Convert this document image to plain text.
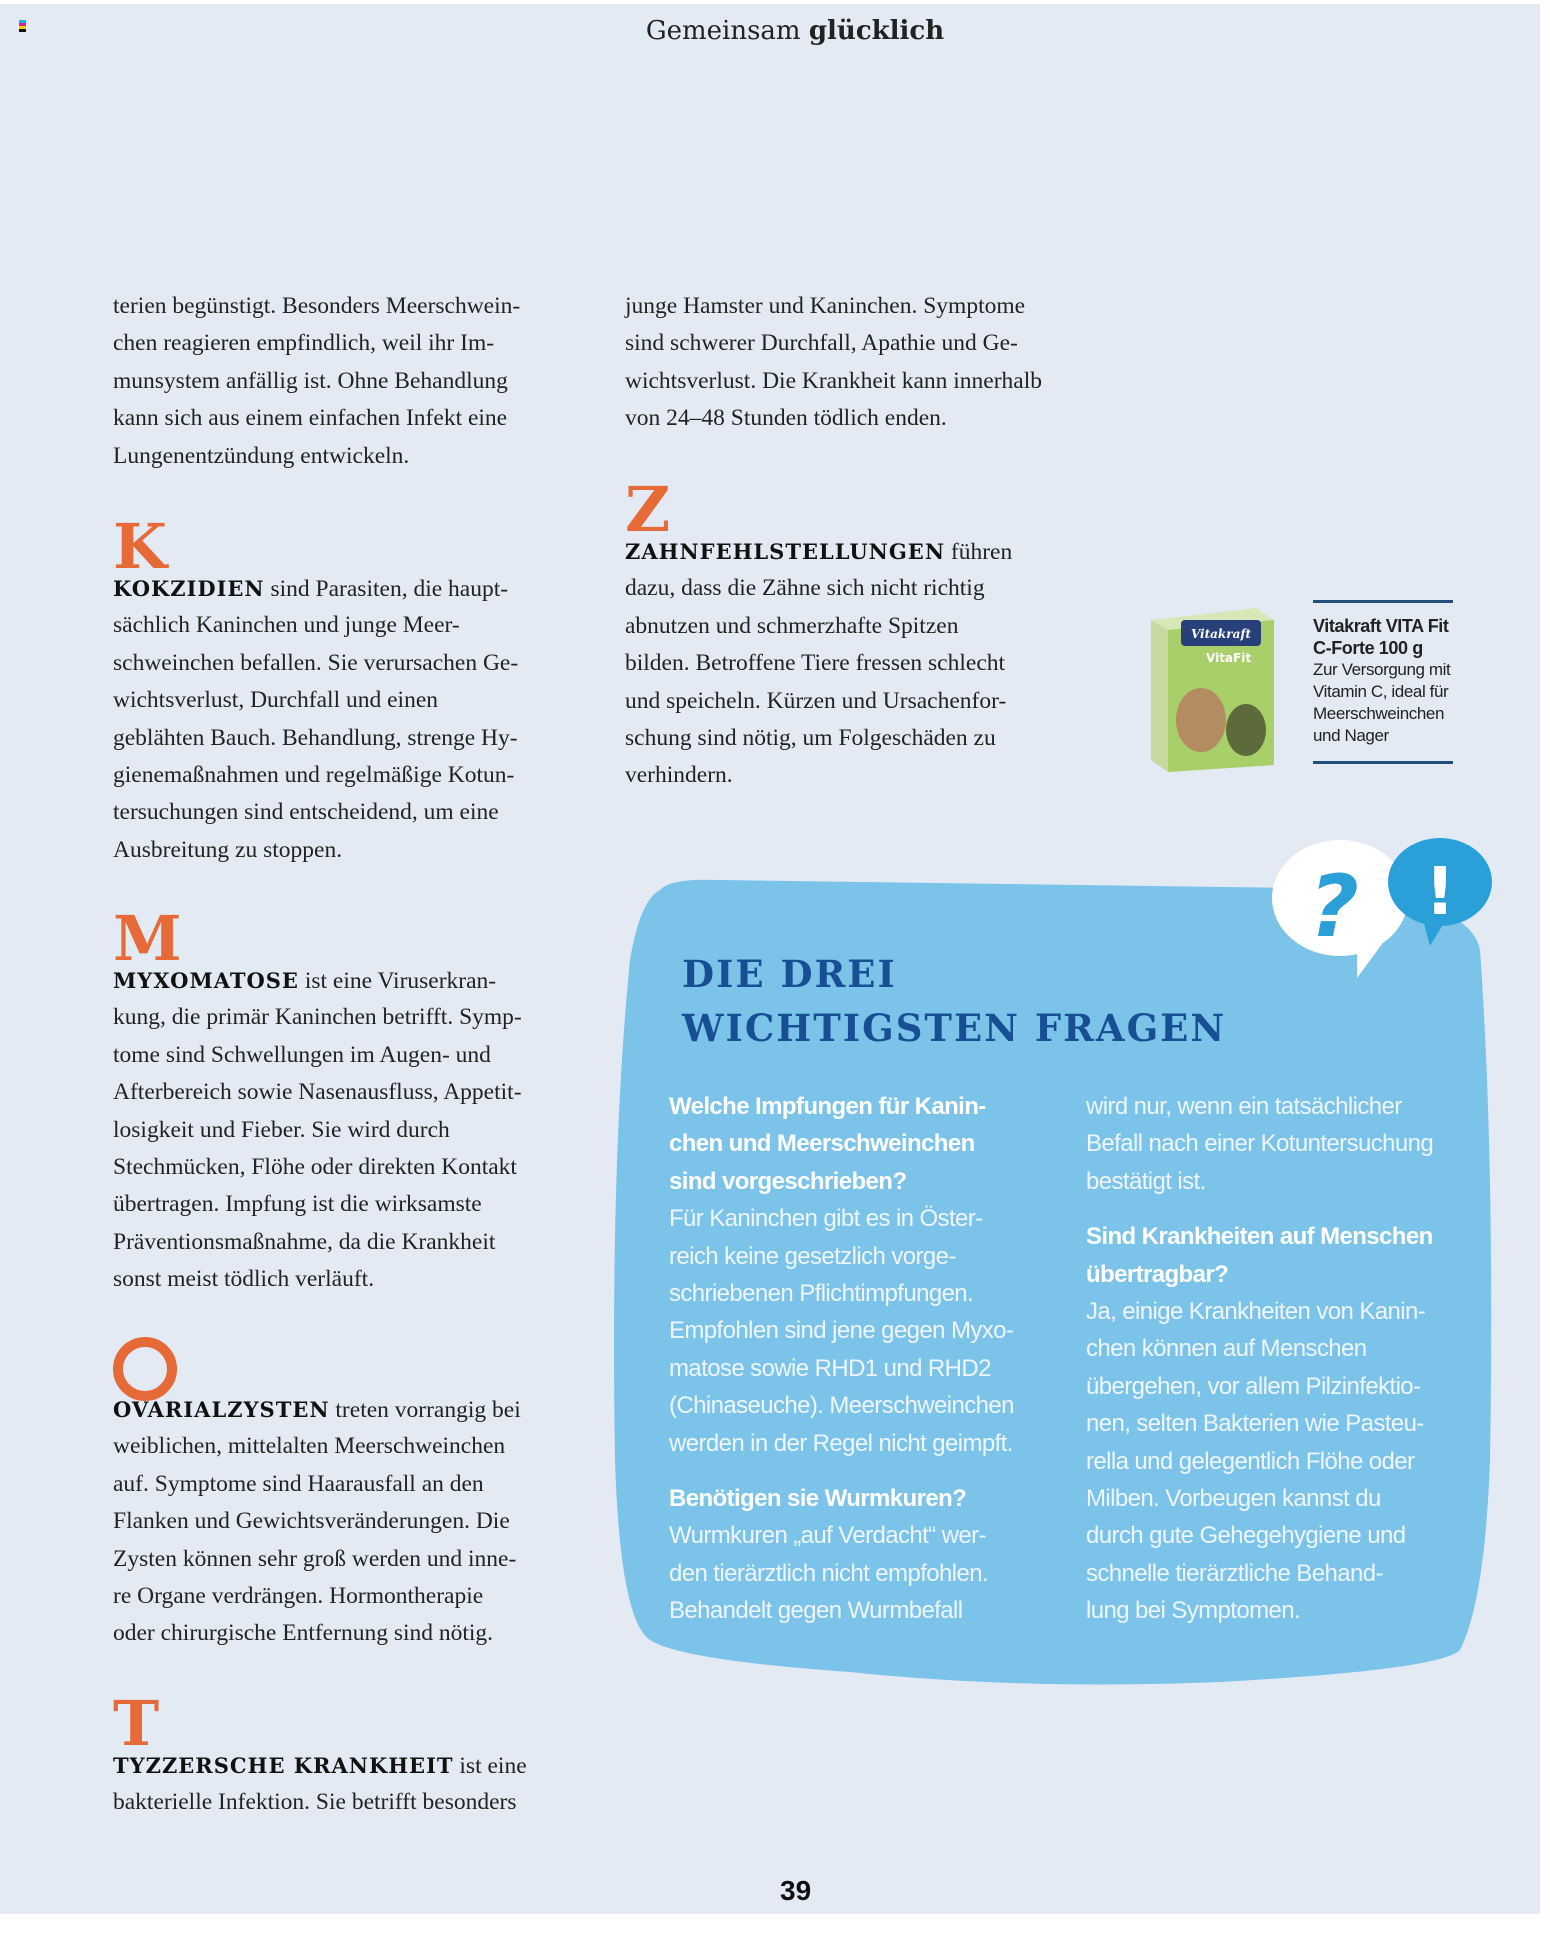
Gemeinsam glücklich
terien begünstigt. Besonders Meerschwein-
chen reagieren empfindlich, weil ihr Im-
munsystem anfällig ist. Ohne Behandlung
kann sich aus einem einfachen Infekt eine
Lungenentzündung entwickeln.
K
KOKZIDIEN sind Parasiten, die haupt-
sächlich Kaninchen und junge Meer-
schweinchen befallen. Sie verursachen Ge-
wichtsverlust, Durchfall und einen
geblähten Bauch. Behandlung, strenge Hy-
gienemaßnahmen und regelmäßige Kotun-
tersuchungen sind entscheidend, um eine
Ausbreitung zu stoppen.
M
MYXOMATOSE ist eine Viruserkran-
kung, die primär Kaninchen betrifft. Symp-
tome sind Schwellungen im Augen- und
Afterbereich sowie Nasenausfluss, Appetit-
losigkeit und Fieber. Sie wird durch
Stechmücken, Flöhe oder direkten Kontakt
übertragen. Impfung ist die wirksamste
Präventionsmaßnahme, da die Krankheit
sonst meist tödlich verläuft.
OVARIALZYSTEN treten vorrangig bei
weiblichen, mittelalten Meerschweinchen
auf. Symptome sind Haarausfall an den
Flanken und Gewichtsveränderungen. Die
Zysten können sehr groß werden und inne-
re Organe verdrängen. Hormontherapie
oder chirurgische Entfernung sind nötig.
T
TYZZERSCHE KRANKHEIT ist eine
bakterielle Infektion. Sie betrifft besonders
junge Hamster und Kaninchen. Symptome
sind schwerer Durchfall, Apathie und Ge-
wichtsverlust. Die Krankheit kann innerhalb
von 24–48 Stunden tödlich enden.
Z
ZAHNFEHLSTELLUNGEN führen
dazu, dass die Zähne sich nicht richtig
abnutzen und schmerzhafte Spitzen
bilden. Betroffene Tiere fressen schlecht
und speicheln. Kürzen und Ursachenfor-
schung sind nötig, um Folgeschäden zu
verhindern.
Vitakraft
VitaFit
Vitakraft VITA Fit
C-Forte 100 g
Zur Versorgung mit
Vitamin C, ideal für
Meerschweinchen
und Nager
? !
DIE DREI
WICHTIGSTEN FRAGEN
Welche Impfungen für Kanin-
chen und Meerschweinchen
sind vorgeschrieben?
Für Kaninchen gibt es in Öster-
reich keine gesetzlich vorge-
schriebenen Pflichtimpfungen.
Empfohlen sind jene gegen Myxo-
matose sowie RHD1 und RHD2
(Chinaseuche). Meerschweinchen
werden in der Regel nicht geimpft.
Benötigen sie Wurmkuren?
Wurmkuren „auf Verdacht“ wer-
den tierärztlich nicht empfohlen.
Behandelt gegen Wurmbefall
wird nur, wenn ein tatsächlicher
Befall nach einer Kotuntersuchung
bestätigt ist.
Sind Krankheiten auf Menschen
übertragbar?
Ja, einige Krankheiten von Kanin-
chen können auf Menschen
übergehen, vor allem Pilzinfektio-
nen, selten Bakterien wie Pasteu-
rella und gelegentlich Flöhe oder
Milben. Vorbeugen kannst du
durch gute Gehegehygiene und
schnelle tierärztliche Behand-
lung bei Symptomen.
39
